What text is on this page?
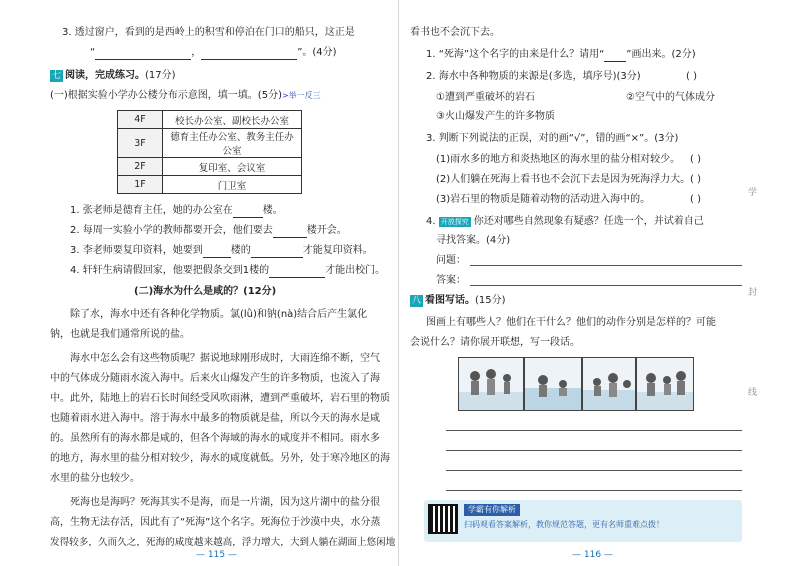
3. 透过窗户，看到的是西岭上的积雪和停泊在门口的船只，这正是
“	，	”。(4分)
七 阅读，完成练习。(17分)
(一)根据实验小学办公楼分布示意图，填一填。(5分)>举一反三
4F	校长办公室、副校长办公室
3F	德育主任办公室、教务主任办公室
2F	复印室、会议室
1F	门卫室
1. 张老师是德育主任，她的办公室在	楼。
2. 每周一实验小学的教师都要开会，他们要去	楼开会。
3. 李老师要复印资料，她要到	楼的	才能复印资料。
4. 轩轩生病请假回家，他要把假条交到1楼的	才能出校门。
(二)海水为什么是咸的？(12分)
除了水，海水中还有各种化学物质。氯(lǜ)和钠(nà)结合后产生氯化
钠，也就是我们通常所说的盐。
海水中怎么会有这些物质呢？据说地球刚形成时，大雨连绵不断，空气
中的气体成分随雨水流入海中。后来火山爆发产生的许多物质，也流入了海
中。此外，陆地上的岩石长时间经受风吹雨淋，遭到严重破坏，岩石里的物质
也随着雨水进入海中。溶于海水中最多的物质就是盐，所以今天的海水是咸
的。虽然所有的海水都是咸的，但各个海域的海水的咸度并不相同。雨水多
的地方，海水里的盐分相对较少，海水的咸度就低。另外，处于寒冷地区的海
水里的盐分也较少。
死海也是海吗？死海其实不是海，而是一片湖，因为这片湖中的盐分很
高，生物无法存活，因此有了“死海”这个名字。死海位于沙漠中央，水分蒸
发得较多，久而久之，死海的咸度越来越高，浮力增大，大到人躺在湖面上悠闲地
— 115 —
看书也不会沉下去。
1. “死海”这个名字的由来是什么？请用“ ”画出来。(2分)
2. 海水中各种物质的来源是(多选，填序号)(3分)	( )
①遭到严重破坏的岩石	②空气中的气体成分
③火山爆发产生的许多物质
3. 判断下列说法的正误，对的画“√”，错的画“×”。(3分)
(1)雨水多的地方和炎热地区的海水里的盐分相对较少。 ( )
(2)人们躺在死海上看书也不会沉下去是因为死海浮力大。 ( )
(3)岩石里的物质是随着动物的活动进入海中的。	( )
4. 开放探究 你还对哪些自然现象有疑惑？任选一个，并试着自己
寻找答案。(4分)
问题：
答案：
八 看图写话。(15分)
图画上有哪些人？他们在干什么？他们的动作分别是怎样的？可能
会说什么？请你展开联想，写一段话。
学
封
线
— 116 —
学霸有你解析
扫码观看答案解析，教你规范答题，更有名师重难点拨！
